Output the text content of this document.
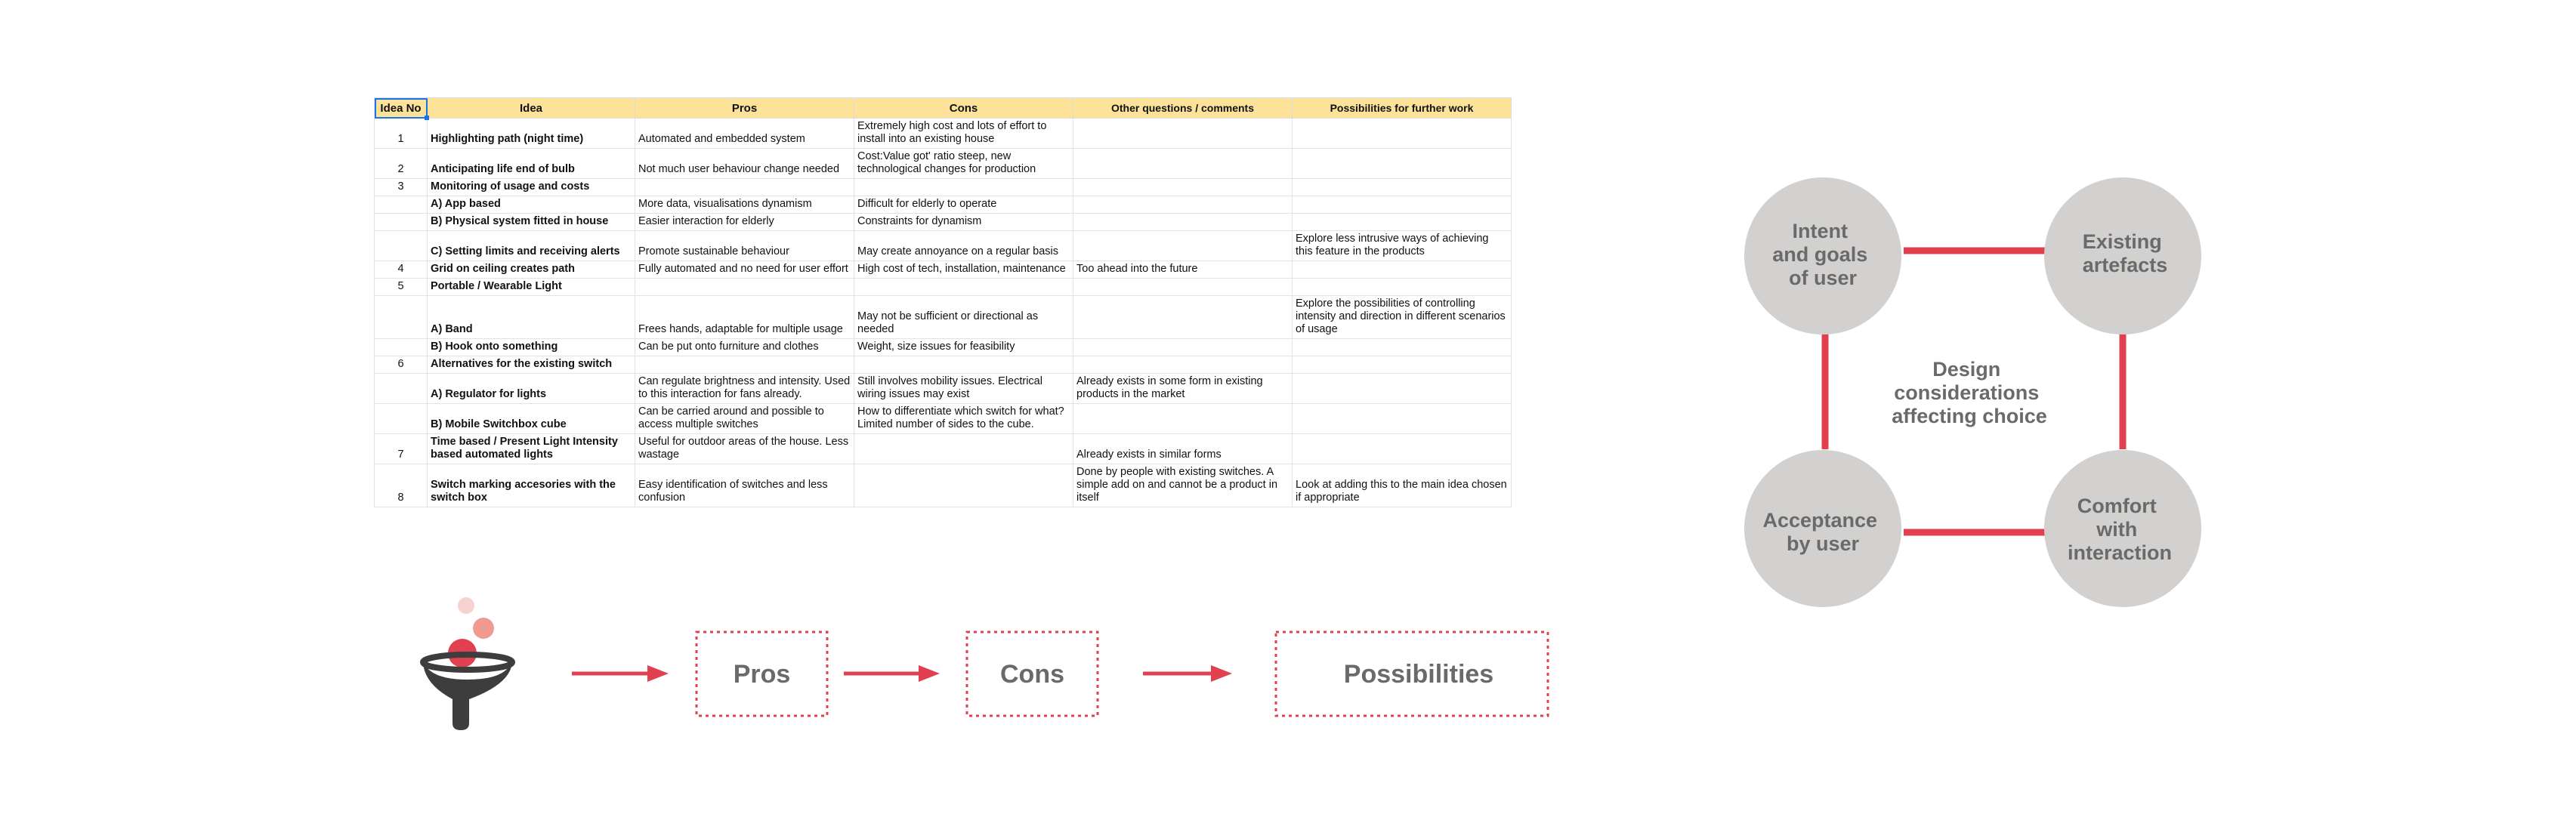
Idea No	Idea	Pros	Cons	Other questions / comments	Possibilities for further work
1	Highlighting path (night time)	Automated and embedded system	Extremely high cost and lots of effort to install into an existing house		
2	Anticipating life end of bulb	Not much user behaviour change needed	Cost:Value got' ratio steep, new technological changes for production		
3	Monitoring of usage and costs				
	A) App based	More data, visualisations dynamism	Difficult for elderly to operate		
	B) Physical system fitted in house	Easier interaction for elderly	Constraints for dynamism		
	C) Setting limits and receiving alerts	Promote sustainable behaviour	May create annoyance on a regular basis		Explore less intrusive ways of achieving this feature in the products
4	Grid on ceiling creates path	Fully automated and no need for user effort	High cost of tech, installation, maintenance	Too ahead into the future	
5	Portable / Wearable Light				
	A) Band	Frees hands, adaptable for multiple usage	May not be sufficient or directional as needed		Explore the possibilities of controlling intensity and direction in different scenarios of usage
	B) Hook onto something	Can be put onto furniture and clothes	Weight, size issues for feasibility		
6	Alternatives for the existing switch				
	A) Regulator for lights	Can regulate brightness and intensity. Used to this interaction for fans already.	Still involves mobility issues. Electrical wiring issues may exist	Already exists in some form in existing products in the market	
	B) Mobile Switchbox cube	Can be carried around and possible to access multiple switches	How to differentiate which switch for what? Limited number of sides to the cube.		
7	Time based / Present Light Intensity based automated lights	Useful for outdoor areas of the house. Less wastage		Already exists in similar forms	
8	Switch marking accesories with the switch box	Easy identification of switches and less confusion		Done by people with existing switches. A simple add on and cannot be a product in itself	Look at adding this to the main idea chosen if appropriate
Pros	Cons	Possibilities
Intent and goals of user
Existing artefacts
Acceptance by user
Comfort with interaction
Design considerations affecting choice
